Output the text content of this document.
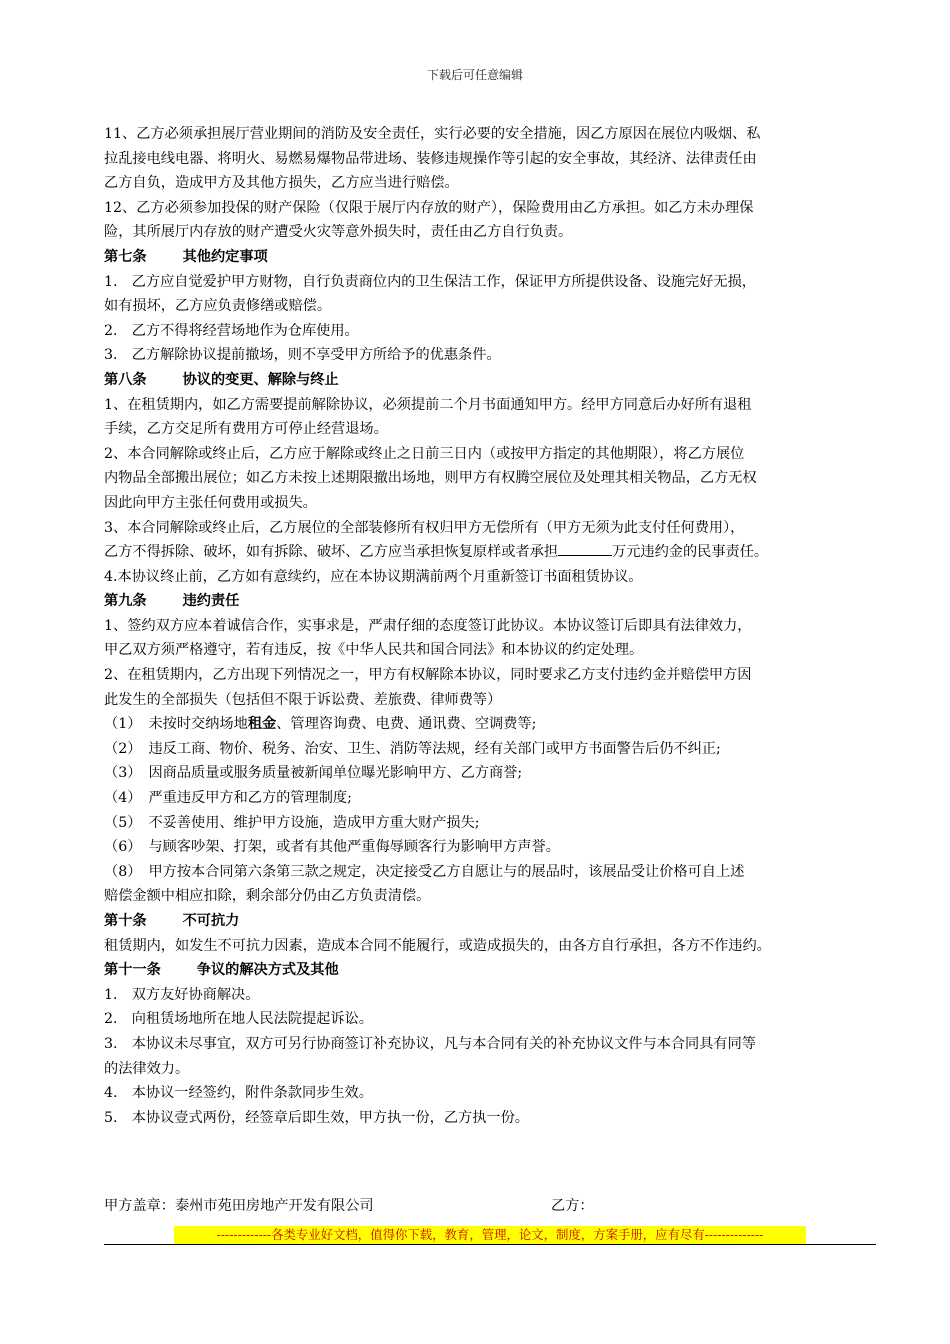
下载后可任意编辑

11、乙方必须承担展厅营业期间的消防及安全责任，实行必要的安全措施，因乙方原因在展位内吸烟、私

拉乱接电线电器、将明火、易燃易爆物品带进场、装修违规操作等引起的安全事故，其经济、法律责任由

乙方自负，造成甲方及其他方损失，乙方应当进行赔偿。

12、乙方必须参加投保的财产保险（仅限于展厅内存放的财产），保险费用由乙方承担。如乙方未办理保

险，其所展厅内存放的财产遭受火灾等意外损失时，责任由乙方自行负责。

第七条	其他约定事项

1.　乙方应自觉爱护甲方财物，自行负责商位内的卫生保洁工作，保证甲方所提供设备、设施完好无损，

如有损坏，乙方应负责修缮或赔偿。

2.　乙方不得将经营场地作为仓库使用。

3.　乙方解除协议提前撤场，则不享受甲方所给予的优惠条件。

第八条	协议的变更、解除与终止

1、在租赁期内，如乙方需要提前解除协议，必须提前二个月书面通知甲方。经甲方同意后办好所有退租

手续，乙方交足所有费用方可停止经营退场。

2、本合同解除或终止后，乙方应于解除或终止之日前三日内（或按甲方指定的其他期限），将乙方展位

内物品全部搬出展位；如乙方未按上述期限撤出场地，则甲方有权腾空展位及处理其相关物品，乙方无权

因此向甲方主张任何费用或损失。

3、本合同解除或终止后，乙方展位的全部装修所有权归甲方无偿所有（甲方无须为此支付任何费用），

乙方不得拆除、破坏，如有拆除、破坏、乙方应当承担恢复原样或者承担	万元违约金的民事责任。

4.本协议终止前，乙方如有意续约，应在本协议期满前两个月重新签订书面租赁协议。

第九条	违约责任

1、签约双方应本着诚信合作，实事求是，严肃仔细的态度签订此协议。本协议签订后即具有法律效力，

甲乙双方须严格遵守，若有违反，按《中华人民共和国合同法》和本协议的约定处理。

2、在租赁期内，乙方出现下列情况之一，甲方有权解除本协议，同时要求乙方支付违约金并赔偿甲方因

此发生的全部损失（包括但不限于诉讼费、差旅费、律师费等）

（1）　未按时交纳场地租金、管理咨询费、电费、通讯费、空调费等;

（2）　违反工商、物价、税务、治安、卫生、消防等法规，经有关部门或甲方书面警告后仍不纠正;

（3）　因商品质量或服务质量被新闻单位曝光影响甲方、乙方商誉;

（4）　严重违反甲方和乙方的管理制度;

（5）　不妥善使用、维护甲方设施，造成甲方重大财产损失;

（6）　与顾客吵架、打架，或者有其他严重侮辱顾客行为影响甲方声誉。

（8）　甲方按本合同第六条第三款之规定，决定接受乙方自愿让与的展品时，该展品受让价格可自上述

赔偿金额中相应扣除，剩余部分仍由乙方负责清偿。

第十条	不可抗力

租赁期内，如发生不可抗力因素，造成本合同不能履行，或造成损失的，由各方自行承担，各方不作违约。

第十一条	争议的解决方式及其他

1.　双方友好协商解决。

2.　向租赁场地所在地人民法院提起诉讼。

3.　本协议未尽事宜，双方可另行协商签订补充协议，凡与本合同有关的补充协议文件与本合同具有同等

的法律效力。

4.　本协议一经签约，附件条款同步生效。

5.　本协议壹式两份，经签章后即生效，甲方执一份，乙方执一份。

甲方盖章：泰州市苑田房地产开发有限公司	乙方：
-------------各类专业好文档，值得你下载，教育，管理，论文，制度，方案手册，应有尽有--------------
